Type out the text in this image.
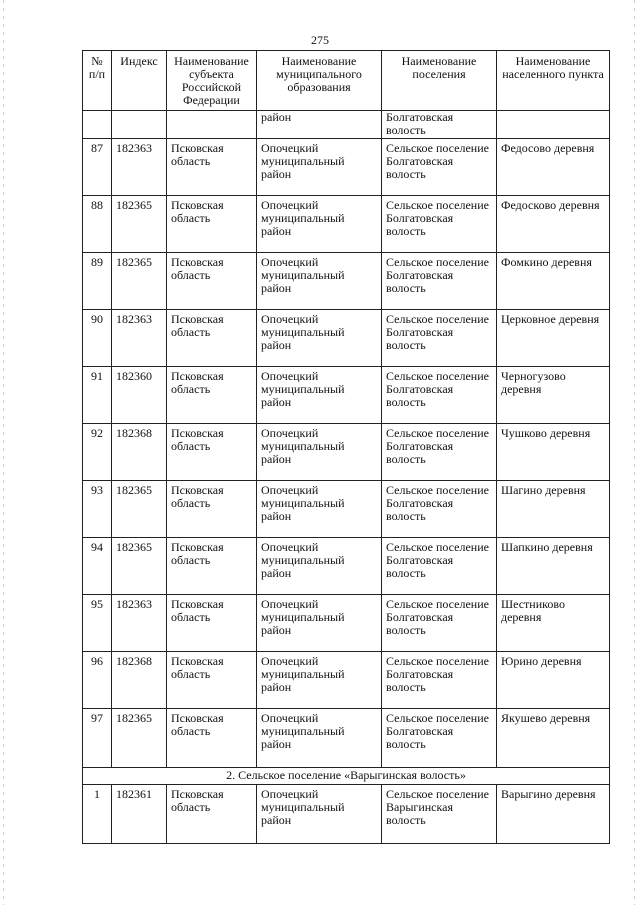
275
№ п/п	Индекс	Наименование субъекта Российской Федерации	Наименование муниципального образования	Наименование поселения	Наименование населенного пункта
			район	Болгатовская волость	
87	182363	Псковская область	Опочецкий муниципальный район	Сельское поселение Болгатовская волость	Федосово деревня
88	182365	Псковская область	Опочецкий муниципальный район	Сельское поселение Болгатовская волость	Федосково деревня
89	182365	Псковская область	Опочецкий муниципальный район	Сельское поселение Болгатовская волость	Фомкино деревня
90	182363	Псковская область	Опочецкий муниципальный район	Сельское поселение Болгатовская волость	Церковное деревня
91	182360	Псковская область	Опочецкий муниципальный район	Сельское поселение Болгатовская волость	Черногузово деревня
92	182368	Псковская область	Опочецкий муниципальный район	Сельское поселение Болгатовская волость	Чушково деревня
93	182365	Псковская область	Опочецкий муниципальный район	Сельское поселение Болгатовская волость	Шагино деревня
94	182365	Псковская область	Опочецкий муниципальный район	Сельское поселение Болгатовская волость	Шапкино деревня
95	182363	Псковская область	Опочецкий муниципальный район	Сельское поселение Болгатовская волость	Шестниково деревня
96	182368	Псковская область	Опочецкий муниципальный район	Сельское поселение Болгатовская волость	Юрино деревня
97	182365	Псковская область	Опочецкий муниципальный район	Сельское поселение Болгатовская волость	Якушево деревня
2. Сельское поселение «Варыгинская волость»					
1	182361	Псковская область	Опочецкий муниципальный район	Сельское поселение Варыгинская волость	Варыгино деревня
